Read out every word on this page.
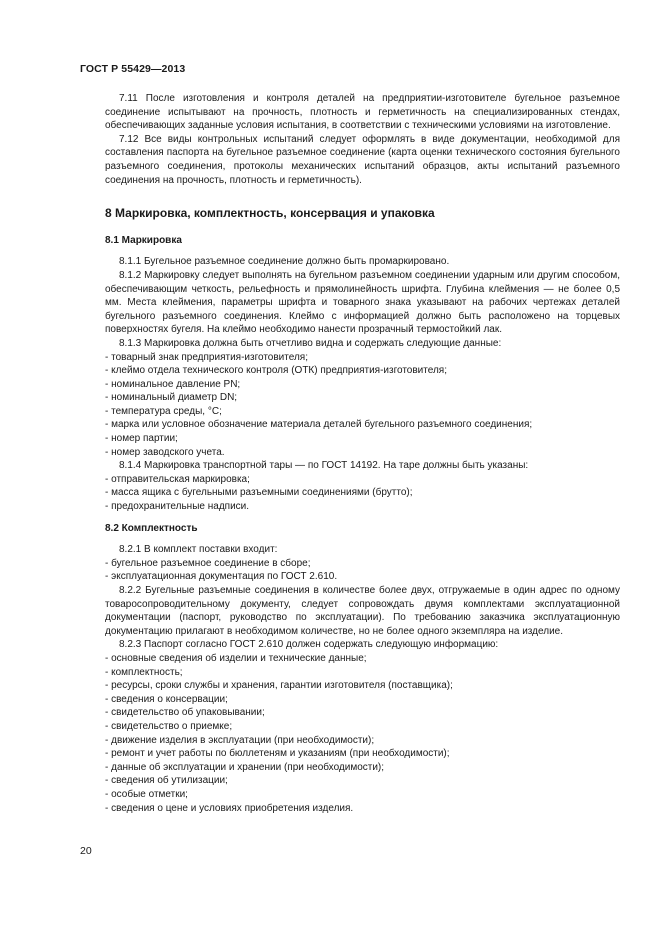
ГОСТ Р 55429—2013

7.11 После изготовления и контроля деталей на предприятии-изготовителе бугельное разъемное соединение испытывают на прочность, плотность и герметичность на специализированных стендах, обеспечивающих заданные условия испытания, в соответствии с техническими условиями на изготовление.

7.12 Все виды контрольных испытаний следует оформлять в виде документации, необходимой для составления паспорта на бугельное разъемное соединение (карта оценки технического состояния бугельного разъемного соединения, протоколы механических испытаний образцов, акты испытаний разъемного соединения на прочность, плотность и герметичность).

8 Маркировка, комплектность, консервация и упаковка
8.1 Маркировка

8.1.1 Бугельное разъемное соединение должно быть промаркировано.

8.1.2 Маркировку следует выполнять на бугельном разъемном соединении ударным или другим способом, обеспечивающим четкость, рельефность и прямолинейность шрифта. Глубина клеймения — не более 0,5 мм. Места клеймения, параметры шрифта и товарного знака указывают на рабочих чертежах деталей бугельного разъемного соединения. Клеймо с информацией должно быть расположено на торцевых поверхностях бугеля. На клеймо необходимо нанести прозрачный термостойкий лак.

8.1.3 Маркировка должна быть отчетливо видна и содержать следующие данные:

- товарный знак предприятия-изготовителя;

- клеймо отдела технического контроля (ОТК) предприятия-изготовителя;

- номинальное давление PN;

- номинальный диаметр DN;

- температура среды, °C;

- марка или условное обозначение материала деталей бугельного разъемного соединения;

- номер партии;

- номер заводского учета.

8.1.4 Маркировка транспортной тары — по ГОСТ 14192. На таре должны быть указаны:

- отправительская маркировка;

- масса ящика с бугельными разъемными соединениями (брутто);

- предохранительные надписи.

8.2 Комплектность

8.2.1 В комплект поставки входит:

- бугельное разъемное соединение в сборе;

- эксплуатационная документация по ГОСТ 2.610.

8.2.2 Бугельные разъемные соединения в количестве более двух, отгружаемые в один адрес по одному товаросопроводительному документу, следует сопровождать двумя комплектами эксплуатационной документации (паспорт, руководство по эксплуатации). По требованию заказчика эксплуатационную документацию прилагают в необходимом количестве, но не более одного экземпляра на изделие.

8.2.3 Паспорт согласно ГОСТ 2.610 должен содержать следующую информацию:

- основные сведения об изделии и технические данные;

- комплектность;

- ресурсы, сроки службы и хранения, гарантии изготовителя (поставщика);

- сведения о консервации;

- свидетельство об упаковывании;

- свидетельство о приемке;

- движение изделия в эксплуатации (при необходимости);

- ремонт и учет работы по бюллетеням и указаниям (при необходимости);

- данные об эксплуатации и хранении (при необходимости);

- сведения об утилизации;

- особые отметки;

- сведения о цене и условиях приобретения изделия.

20
